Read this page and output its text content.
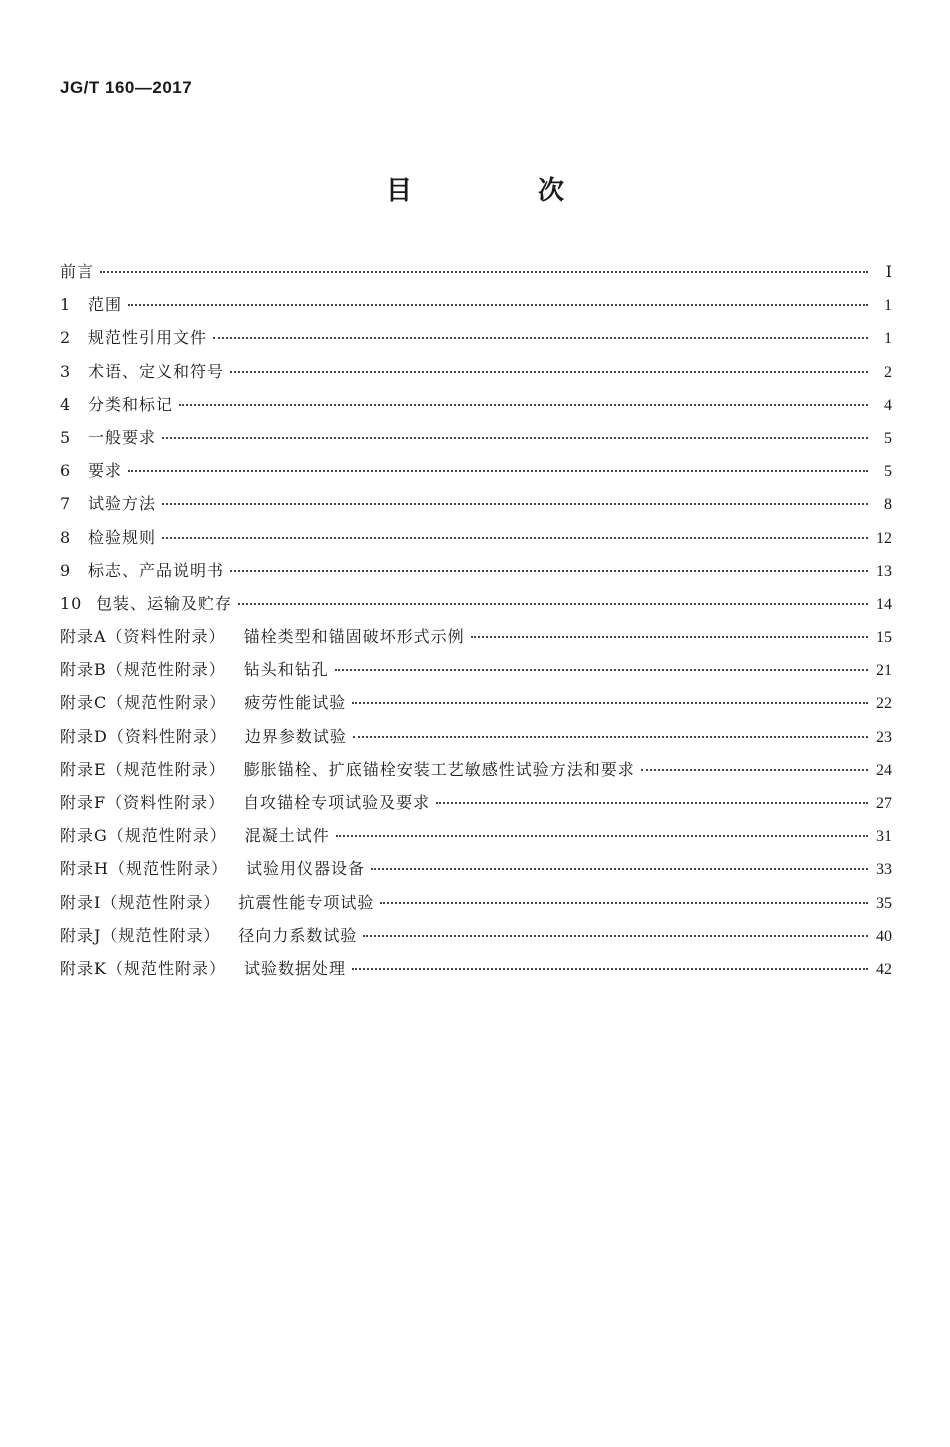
JG/T 160—2017
目　次
前言	Ⅰ
1 范围	1
2 规范性引用文件	1
3 术语、定义和符号	2
4 分类和标记	4
5 一般要求	5
6 要求	5
7 试验方法	8
8 检验规则	12
9 标志、产品说明书	13
10 包装、运输及贮存	14
附录A（资料性附录） 锚栓类型和锚固破坏形式示例	15
附录B（规范性附录） 钻头和钻孔	21
附录C（规范性附录） 疲劳性能试验	22
附录D（资料性附录） 边界参数试验	23
附录E（规范性附录） 膨胀锚栓、扩底锚栓安装工艺敏感性试验方法和要求	24
附录F（资料性附录） 自攻锚栓专项试验及要求	27
附录G（规范性附录） 混凝土试件	31
附录H（规范性附录） 试验用仪器设备	33
附录I（规范性附录） 抗震性能专项试验	35
附录J（规范性附录） 径向力系数试验	40
附录K（规范性附录） 试验数据处理	42
